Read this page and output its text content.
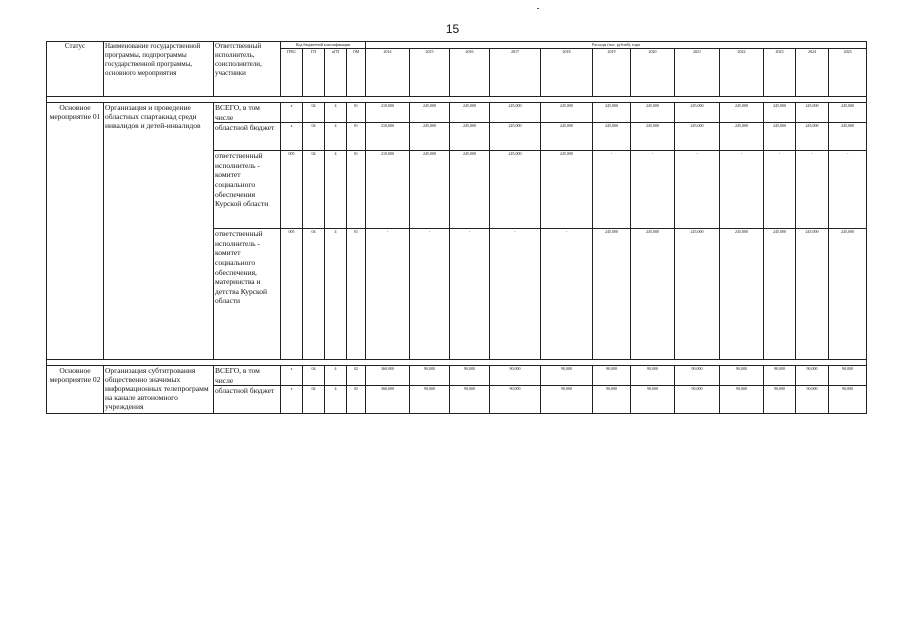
15
Статус	Наименование государственной программы, подпрограммы государственной программы, основного мероприятия	Ответственный исполнитель, соисполнители, участники	Код бюджетной классификации				Расходы (тыс. рублей), годы											
			ГРБС	ГП	пГП	ОМ	2014	2015	2016	2017	2018	2019	2020	2021	2022	2023	2024	2025

Основное мероприятие 01	Организация и проведение областных спартакиад среди инвалидов и детей-инвалидов	ВСЕГО, в том числе	х	04	4	01	210,000	245,000	245,000	245,000	245,000	245,000	245,000	245,000	245,000	245,000	245,000	245,000
		областной бюджет	х	04	4	01	210,000	245,000	245,000	245,000	245,000	245,000	245,000	245,000	245,000	245,000	245,000	245,000
		ответственный исполнитель - комитет социального обеспечения Курской области	005	04	4	01	210,000	245,000	245,000	245,000	245,000	-	-	-	-	-	-	-
		ответственный исполнитель - комитет социального обеспечения, материнства и детства Курской области	005	04	4	01	-	-	-	-	-	245,000	245,000	245,000	245,000	245,000	245,000	245,000

Основное мероприятие 02	Организация субтитрования общественно значимых информационных телепрограмм на канале автономного учреждения	ВСЕГО, в том числе	х	04	4	02	360,000	90,000	90,000	90,000	90,000	90,000	90,000	90,000	90,000	90,000	90,000	90,000
		областной бюджет	х	04	4	02	360,000	90,000	90,000	90,000	90,000	90,000	90,000	90,000	90,000	90,000	90,000	90,000
